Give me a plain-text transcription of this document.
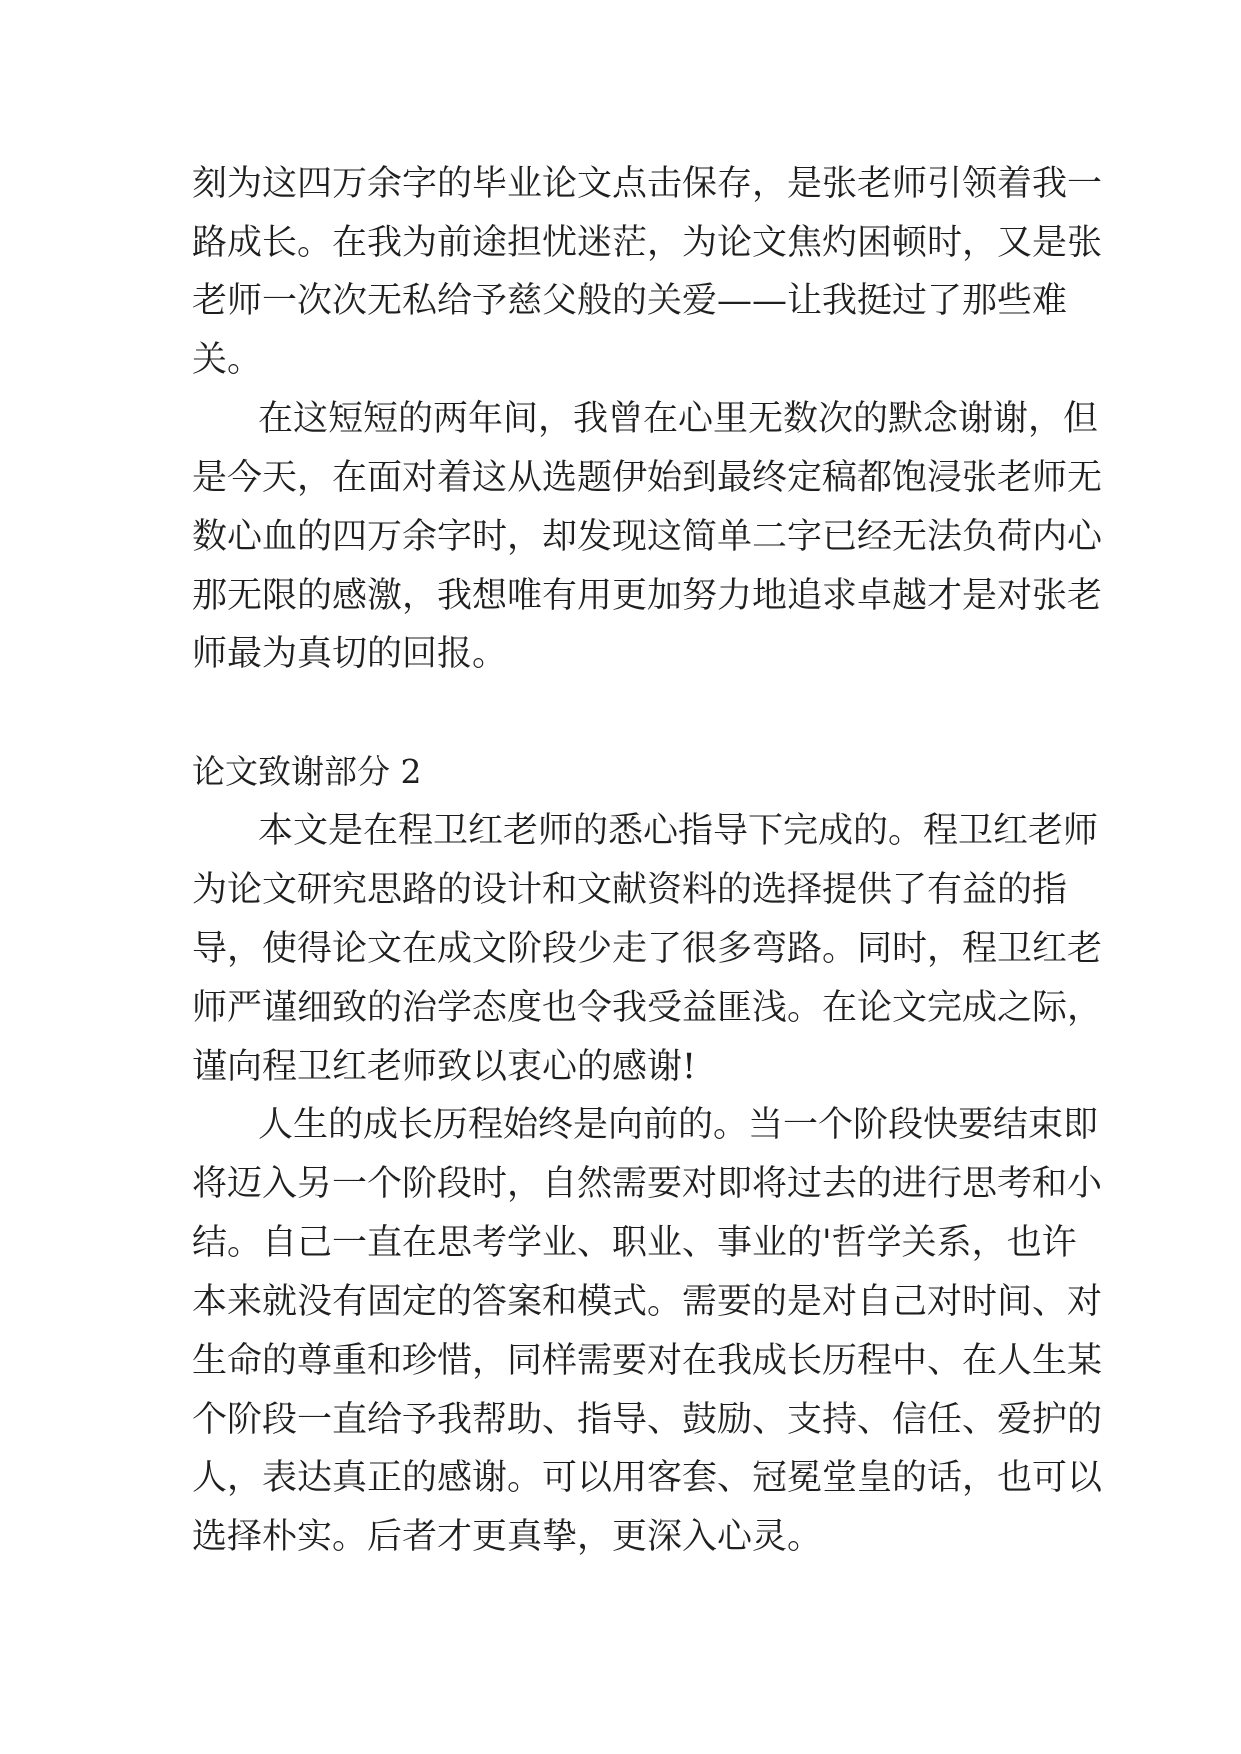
刻为这四万余字的毕业论文点击保存，是张老师引领着我一

路成长。在我为前途担忧迷茫，为论文焦灼困顿时，又是张

老师一次次无私给予慈父般的关爱——让我挺过了那些难

关。

在这短短的两年间，我曾在心里无数次的默念谢谢，但

是今天，在面对着这从选题伊始到最终定稿都饱浸张老师无

数心血的四万余字时，却发现这简单二字已经无法负荷内心

那无限的感激，我想唯有用更加努力地追求卓越才是对张老

师最为真切的回报。

论文致谢部分 2

本文是在程卫红老师的悉心指导下完成的。程卫红老师

为论文研究思路的设计和文献资料的选择提供了有益的指

导，使得论文在成文阶段少走了很多弯路。同时，程卫红老

师严谨细致的治学态度也令我受益匪浅。在论文完成之际，

谨向程卫红老师致以衷心的感谢!

人生的成长历程始终是向前的。当一个阶段快要结束即

将迈入另一个阶段时，自然需要对即将过去的进行思考和小

结。自己一直在思考学业、职业、事业的'哲学关系，也许

本来就没有固定的答案和模式。需要的是对自己对时间、对

生命的尊重和珍惜，同样需要对在我成长历程中、在人生某

个阶段一直给予我帮助、指导、鼓励、支持、信任、爱护的

人，表达真正的感谢。可以用客套、冠冕堂皇的话，也可以

选择朴实。后者才更真挚，更深入心灵。
